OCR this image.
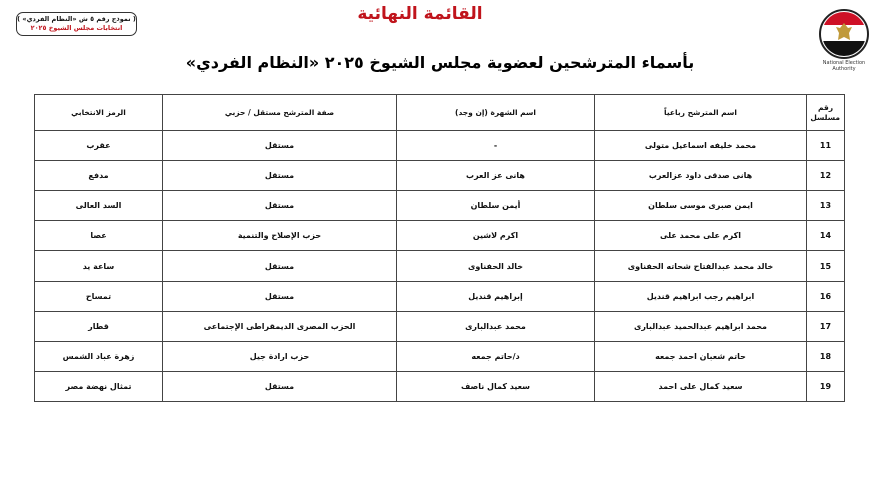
( نموذج رقم ٥ ش «النظام الفردي» )
انتخابات مجلس الشيوخ ٢٠٢٥
القائمة النهائية
بأسماء المترشحين لعضوية مجلس الشيوخ ٢٠٢٥ «النظام الفردي»	National Election Authority
رقم مسلسل	اسم المترشح رباعياً	اسم الشهرة (إن وجد)	صفة المترشح مستقل / حزبي	الرمز الانتخابي
11	محمد خليفه اسماعيل متولى	-	مستقل	عقرب
12	هانى صدقى داود عزالعرب	هانى عز العرب	مستقل	مدفع
13	ايمن صبرى موسى سلطان	أيمن سلطان	مستقل	السد العالى
14	اكرم على محمد على	اكرم لاشين	حزب الإصلاح والتنمية	عصا
15	خالد محمد عبدالفتاح شحاته الحفناوى	خالد الحفناوى	مستقل	ساعة يد
16	ابراهيم رجب ابراهيم قنديل	إبراهيم قنديل	مستقل	تمساح
17	محمد ابراهيم عبدالحميد عبدالبارى	محمد عبدالبارى	الحزب المصرى الديمقراطى الإجتماعى	قطار
18	حاتم شعبان احمد جمعه	د/حاتم جمعه	حزب ارادة جيل	زهرة عباد الشمس
19	سعيد كمال على احمد	سعيد كمال ناصف	مستقل	تمثال نهضة مصر
